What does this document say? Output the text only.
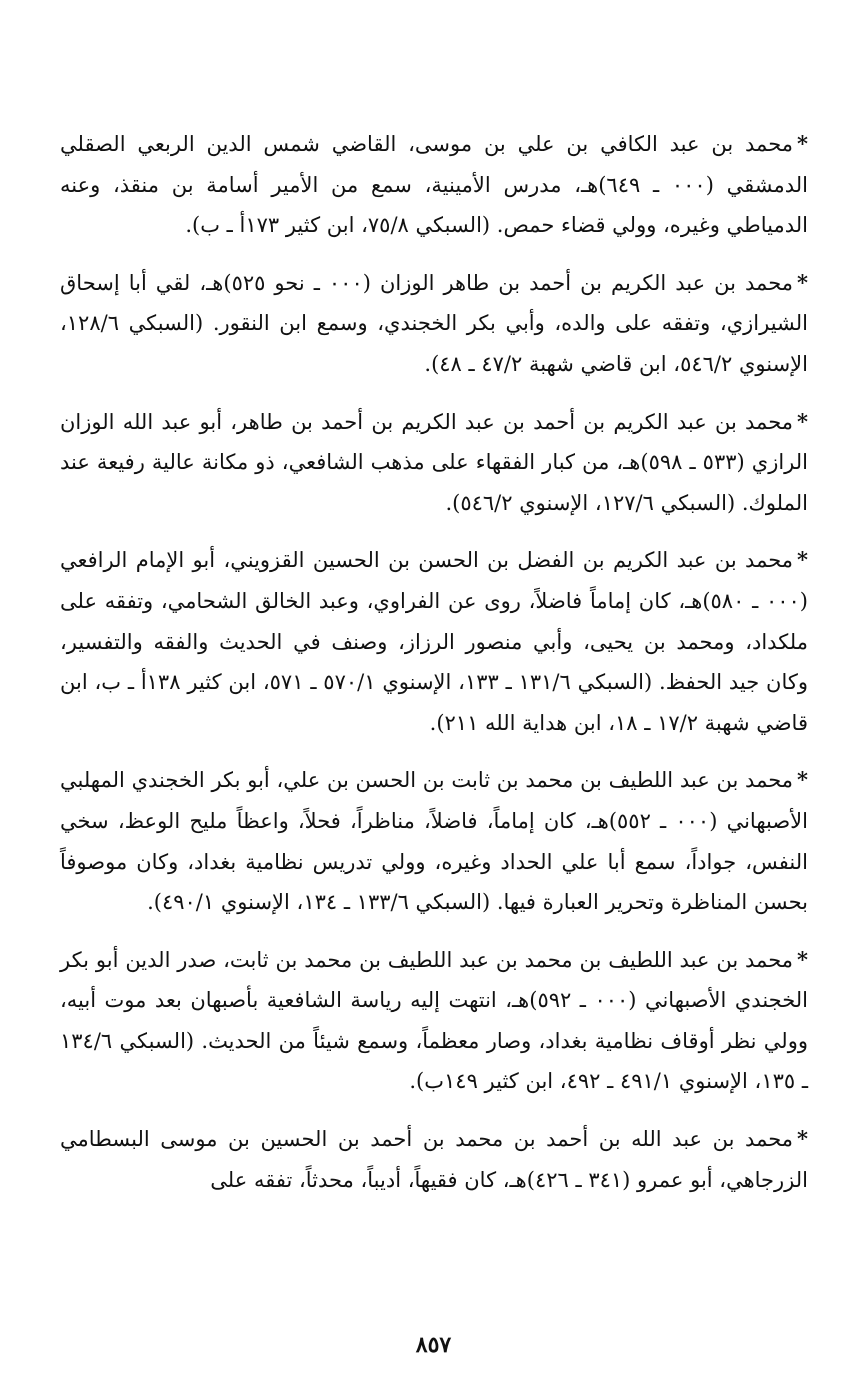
*محمد بن عبد الكافي بن علي بن موسى، القاضي شمس الدين الربعي الصقلي الدمشقي (٠٠٠ ـ ٦٤٩)هـ، مدرس الأمينية، سمع من الأمير أسامة بن منقذ، وعنه الدمياطي وغيره، وولي قضاء حمص. (السبكي ٧٥/٨، ابن كثير ١٧٣أ ـ ب).

*محمد بن عبد الكريم بن أحمد بن طاهر الوزان (٠٠٠ ـ نحو ٥٢٥)هـ، لقي أبا إسحاق الشيرازي، وتفقه على والده، وأبي بكر الخجندي، وسمع ابن النقور. (السبكي ١٢٨/٦، الإسنوي ٥٤٦/٢، ابن قاضي شهبة ٤٧/٢ ـ ٤٨).

*محمد بن عبد الكريم بن أحمد بن عبد الكريم بن أحمد بن طاهر، أبو عبد الله الوزان الرازي (٥٣٣ ـ ٥٩٨)هـ، من كبار الفقهاء على مذهب الشافعي، ذو مكانة عالية رفيعة عند الملوك. (السبكي ١٢٧/٦، الإسنوي ٥٤٦/٢).

*محمد بن عبد الكريم بن الفضل بن الحسن بن الحسين القزويني، أبو الإمام الرافعي (٠٠٠ ـ ٥٨٠)هـ، كان إماماً فاضلاً، روى عن الفراوي، وعبد الخالق الشحامي، وتفقه على ملكداد، ومحمد بن يحيى، وأبي منصور الرزاز، وصنف في الحديث والفقه والتفسير، وكان جيد الحفظ. (السبكي ١٣١/٦ ـ ١٣٣، الإسنوي ٥٧٠/١ ـ ٥٧١، ابن كثير ١٣٨أ ـ ب، ابن قاضي شهبة ١٧/٢ ـ ١٨، ابن هداية الله ٢١١).

*محمد بن عبد اللطيف بن محمد بن ثابت بن الحسن بن علي، أبو بكر الخجندي المهلبي الأصبهاني (٠٠٠ ـ ٥٥٢)هـ، كان إماماً، فاضلاً، مناظراً، فحلاً، واعظاً مليح الوعظ، سخي النفس، جواداً، سمع أبا علي الحداد وغيره، وولي تدريس نظامية بغداد، وكان موصوفاً بحسن المناظرة وتحرير العبارة فيها. (السبكي ١٣٣/٦ ـ ١٣٤، الإسنوي ٤٩٠/١).

*محمد بن عبد اللطيف بن محمد بن عبد اللطيف بن محمد بن ثابت، صدر الدين أبو بكر الخجندي الأصبهاني (٠٠٠ ـ ٥٩٢)هـ، انتهت إليه رياسة الشافعية بأصبهان بعد موت أبيه، وولي نظر أوقاف نظامية بغداد، وصار معظماً، وسمع شيئاً من الحديث. (السبكي ١٣٤/٦ ـ ١٣٥، الإسنوي ٤٩١/١ ـ ٤٩٢، ابن كثير ١٤٩ب).

*محمد بن عبد الله بن أحمد بن محمد بن أحمد بن الحسين بن موسى البسطامي الزرجاهي، أبو عمرو (٣٤١ ـ ٤٢٦)هـ، كان فقيهاً، أديباً، محدثاً، تفقه على

٨٥٧
